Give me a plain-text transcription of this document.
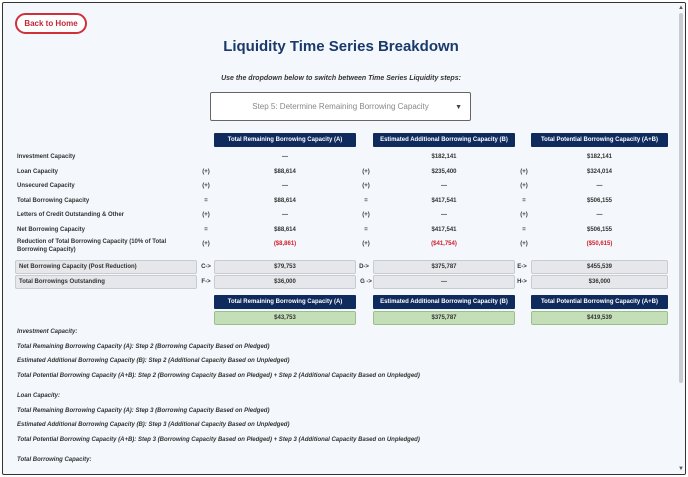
Back to Home
Liquidity Time Series Breakdown
Use the dropdown below to switch between Time Series Liquidity steps:
Step 5: Determine Remaining Borrowing Capacity	▼
Total Remaining Borrowing Capacity (A)	Estimated Additional Borrowing Capacity (B)	Total Potential Borrowing Capacity (A+B)
Investment Capacity	—	$182,141	$182,141
Loan Capacity	(+)	$88,614	(+)	$235,400	(+)	$324,014
Unsecured Capacity	(+)	—	(+)	—	(+)	—
Total Borrowing Capacity	=	$88,614	=	$417,541	=	$506,155
Letters of Credit Outstanding & Other	(+)	—	(+)	—	(+)	—
Net Borrowing Capacity	=	$88,614	=	$417,541	=	$506,155
Reduction of Total Borrowing Capacity (10% of Total Borrowing Capacity)
(+)	($8,861)	(+)	($41,754)	(+)	($50,615)
Net Borrowing Capacity (Post Reduction)	C->	$79,753	D->	$375,787	E->	$455,539
Total Borrowings Outstanding	F->	$36,000	G ->	—	H->	$36,000
Total Remaining Borrowing Capacity (A)	Estimated Additional Borrowing Capacity (B)	Total Potential Borrowing Capacity (A+B)
$43,753	$375,787	$419,539
Investment Capacity:
Total Remaining Borrowing Capacity (A): Step 2 (Borrowing Capacity Based on Pledged)
Estimated Additional Borrowing Capacity (B): Step 2 (Additional Capacity Based on Unpledged)
Total Potential Borrowing Capacity (A+B): Step 2 (Borrowing Capacity Based on Pledged) + Step 2 (Additional Capacity Based on Unpledged)
Loan Capacity:
Total Remaining Borrowing Capacity (A): Step 3 (Borrowing Capacity Based on Pledged)
Estimated Additional Borrowing Capacity (B): Step 3 (Additional Capacity Based on Unpledged)
Total Potential Borrowing Capacity (A+B): Step 3 (Borrowing Capacity Based on Pledged) + Step 3 (Additional Capacity Based on Unpledged)
Total Borrowing Capacity:
▲
▼
